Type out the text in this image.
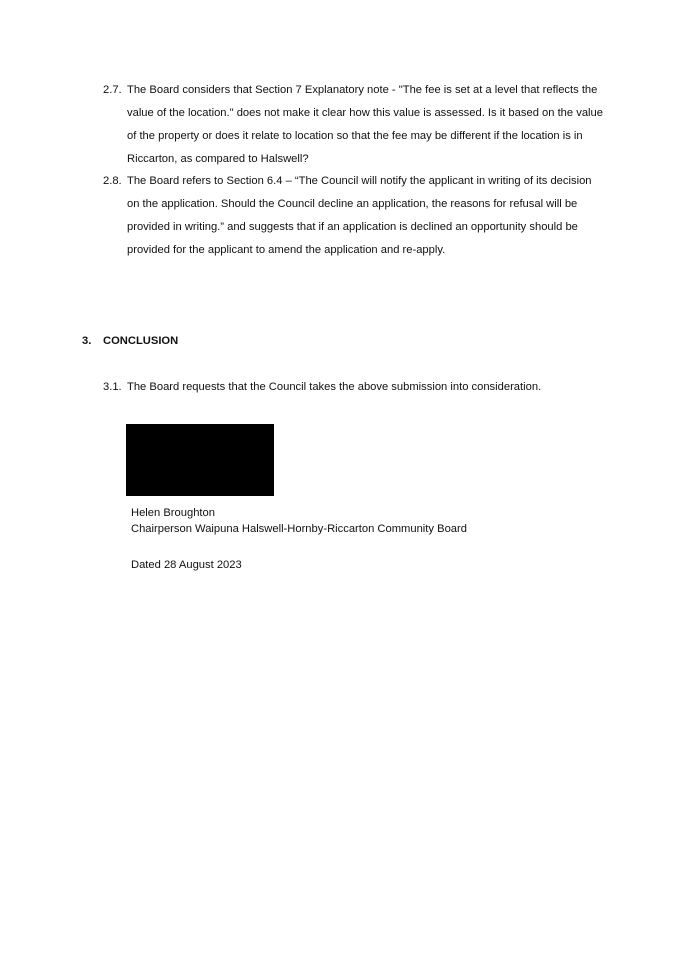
2.7. The Board considers that Section 7 Explanatory note - "The fee is set at a level that reflects the value of the location." does not make it clear how this value is assessed. Is it based on the value of the property or does it relate to location so that the fee may be different if the location is in Riccarton, as compared to Halswell?
2.8. The Board refers to Section 6.4 – “The Council will notify the applicant in writing of its decision on the application. Should the Council decline an application, the reasons for refusal will be provided in writing.” and suggests that if an application is declined an opportunity should be provided for the applicant to amend the application and re-apply.
3. CONCLUSION
3.1. The Board requests that the Council takes the above submission into consideration.
Helen Broughton
Chairperson Waipuna Halswell-Hornby-Riccarton Community Board
Dated 28 August 2023
